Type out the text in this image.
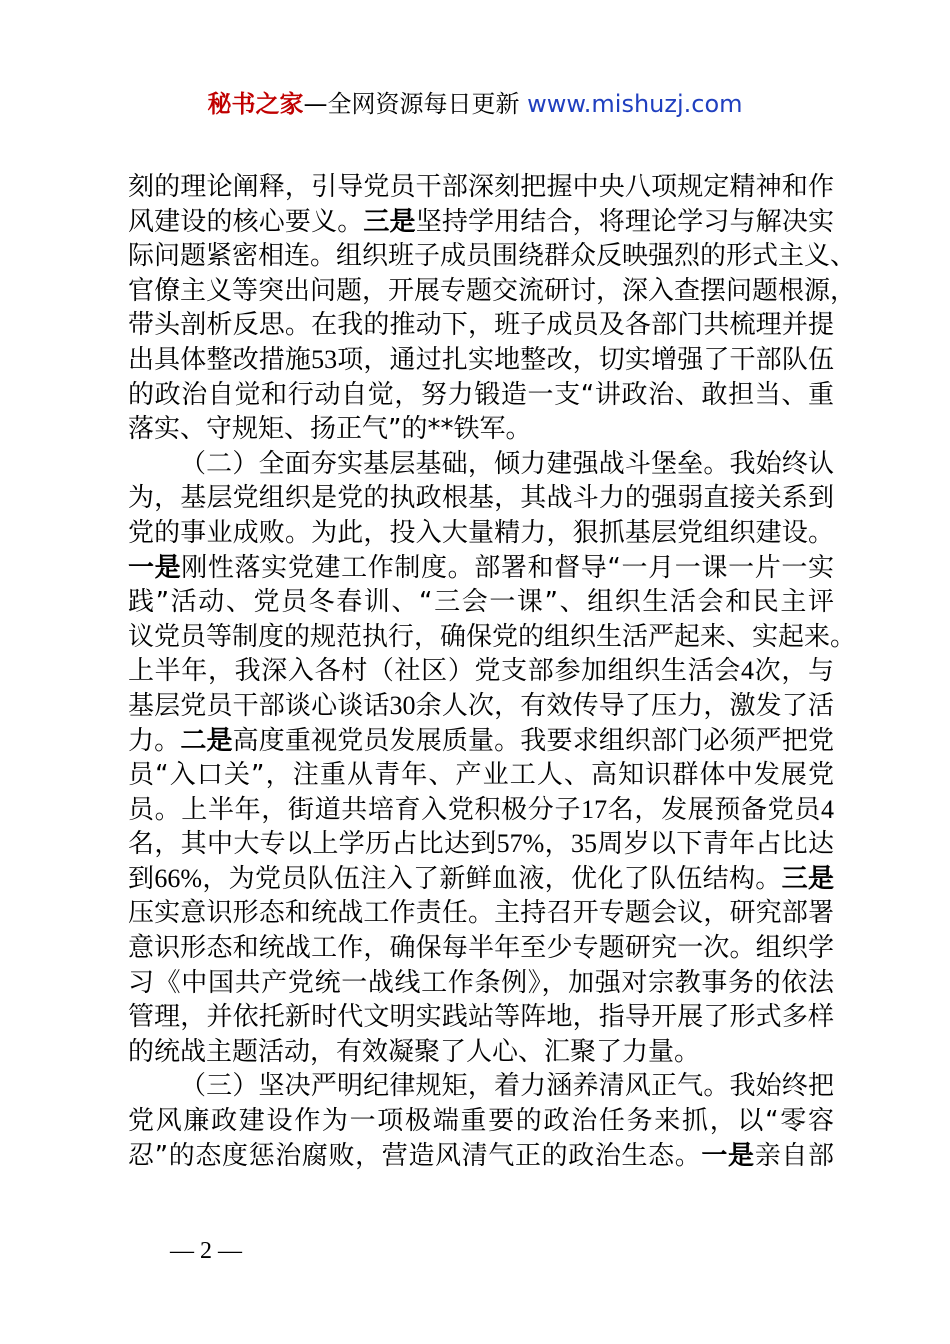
秘书之家—全网资源每日更新 www.mishuzj.com
刻的理论阐释，引导党员干部深刻把握中央八项规定精神和作
风建设的核心要义。三是坚持学用结合，将理论学习与解决实
际问题紧密相连。组织班子成员围绕群众反映强烈的形式主义、
官僚主义等突出问题，开展专题交流研讨，深入查摆问题根源，
带头剖析反思。在我的推动下，班子成员及各部门共梳理并提
出具体整改措施53项，通过扎实地整改，切实增强了干部队伍
的政治自觉和行动自觉，努力锻造一支“讲政治、敢担当、重
落实、守规矩、扬正气”的**铁军。
（二）全面夯实基层基础，倾力建强战斗堡垒。我始终认
为，基层党组织是党的执政根基，其战斗力的强弱直接关系到
党的事业成败。为此，投入大量精力，狠抓基层党组织建设。
一是刚性落实党建工作制度。部署和督导“一月一课一片一实
践”活动、党员冬春训、“三会一课”、组织生活会和民主评
议党员等制度的规范执行，确保党的组织生活严起来、实起来。
上半年，我深入各村（社区）党支部参加组织生活会4次，与
基层党员干部谈心谈话30余人次，有效传导了压力，激发了活
力。二是高度重视党员发展质量。我要求组织部门必须严把党
员“入口关”，注重从青年、产业工人、高知识群体中发展党
员。上半年，街道共培育入党积极分子17名，发展预备党员4
名，其中大专以上学历占比达到57%，35周岁以下青年占比达
到66%，为党员队伍注入了新鲜血液，优化了队伍结构。三是
压实意识形态和统战工作责任。主持召开专题会议，研究部署
意识形态和统战工作，确保每半年至少专题研究一次。组织学
习《中国共产党统一战线工作条例》，加强对宗教事务的依法
管理，并依托新时代文明实践站等阵地，指导开展了形式多样
的统战主题活动，有效凝聚了人心、汇聚了力量。
（三）坚决严明纪律规矩，着力涵养清风正气。我始终把
党风廉政建设作为一项极端重要的政治任务来抓，以“零容
忍”的态度惩治腐败，营造风清气正的政治生态。一是亲自部
— 2 —
